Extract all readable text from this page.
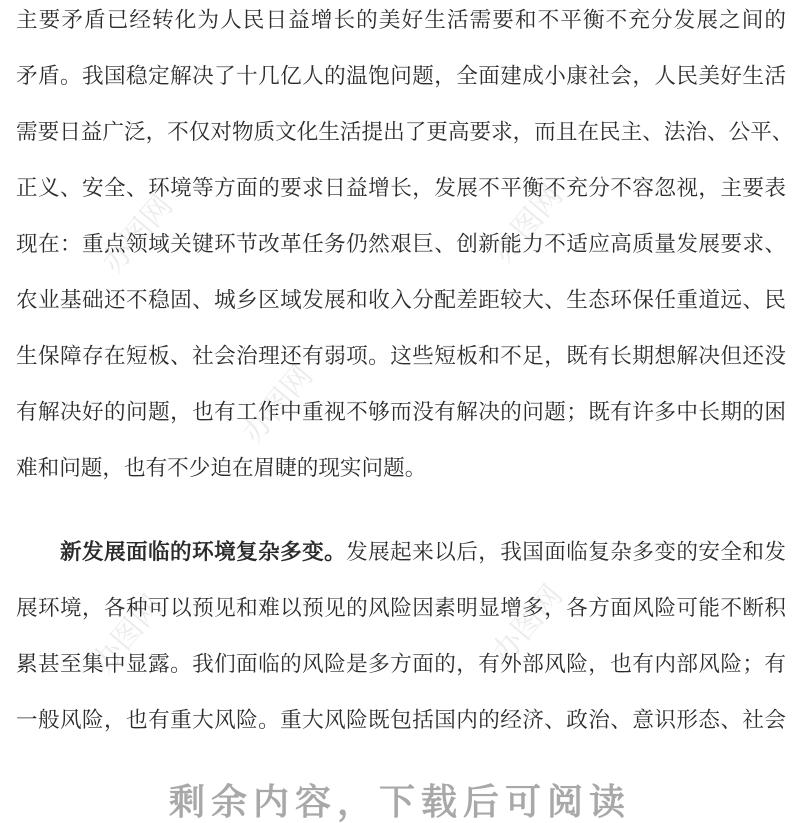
办图网	办图网
办图网
办图网	办图网
主要矛盾已经转化为人民日益增长的美好生活需要和不平衡不充分发展之间的
矛盾。我国稳定解决了十几亿人的温饱问题，全面建成小康社会，人民美好生活
需要日益广泛，不仅对物质文化生活提出了更高要求，而且在民主、法治、公平、
正义、安全、环境等方面的要求日益增长，发展不平衡不充分不容忽视，主要表
现在：重点领域关键环节改革任务仍然艰巨、创新能力不适应高质量发展要求、
农业基础还不稳固、城乡区域发展和收入分配差距较大、生态环保任重道远、民
生保障存在短板、社会治理还有弱项。这些短板和不足，既有长期想解决但还没
有解决好的问题，也有工作中重视不够而没有解决的问题；既有许多中长期的困
难和问题，也有不少迫在眉睫的现实问题。
新发展面临的环境复杂多变。发展起来以后，我国面临复杂多变的安全和发
展环境，各种可以预见和难以预见的风险因素明显增多，各方面风险可能不断积
累甚至集中显露。我们面临的风险是多方面的，有外部风险，也有内部风险；有
一般风险，也有重大风险。重大风险既包括国内的经济、政治、意识形态、社会
剩余内容，下载后可阅读
